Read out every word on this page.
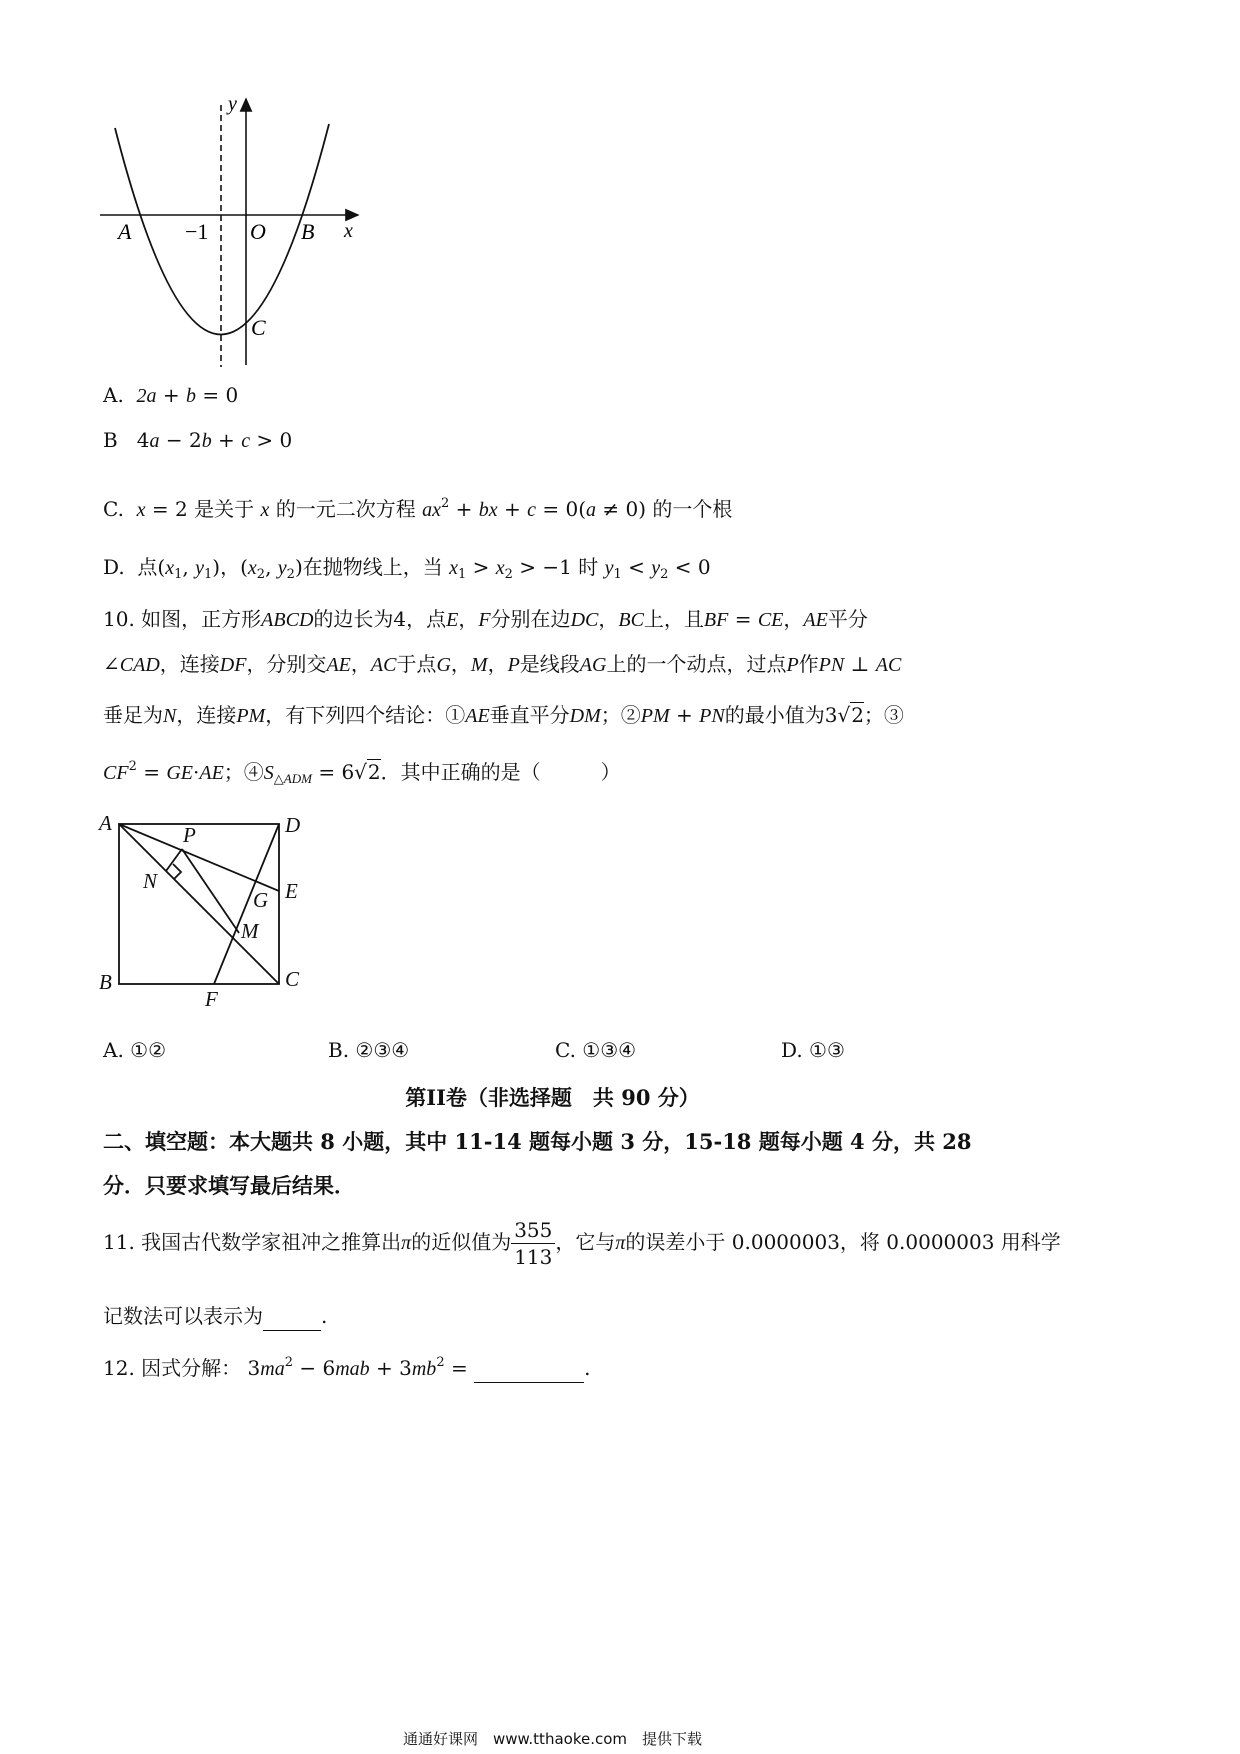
y
x
A −1 O B
C
A. 2a + b = 0
B   4a − 2b + c > 0
C. x = 2 是关于 x 的一元二次方程 $ax^2$ + bx + c = 0(a ≠ 0) 的一个根
D.  点($x_1$, $y_1$)，($x_2$, $y_2$)在抛物线上，当 $x_1 > x_2 > -1$ 时 $y_1 < y_2 < 0$
10. 如图，正方形ABCD的边长为4，点E，F分别在边DC，BC上，且BF = CE，AE平分
∠CAD，连接DF，分别交AE，AC于点G，M，P是线段AG上的一个动点，过点P作PN ⊥ AC
垂足为N，连接PM，有下列四个结论：①AE垂直平分DM；②PM + PN的最小值为3√2；③
$CF^2 = GE\cdot AE$；$④S_{\triangle ADM} = 6√2$．其中正确的是（　　　）
A	D
B	C
E
F
P
N
G
M
A. ①②	B. ②③④	C. ①③④	D. ①③
第II卷（非选择题　共 90 分）
二、填空题：本大题共 8 小题，其中 11-14 题每小题 3 分，15-18 题每小题 4 分，共 28
分．只要求填写最后结果．
11. 我国古代数学家祖冲之推算出π的近似值为 $\frac{355}{113}$ ，它与π的误差小于 0.0000003，将 0.0000003 用科学
记数法可以表示为	.
12. 因式分解： $3ma^2 - 6mab + 3mb^2$ =	.
通通好课网　www.tthaoke.com　提供下载
